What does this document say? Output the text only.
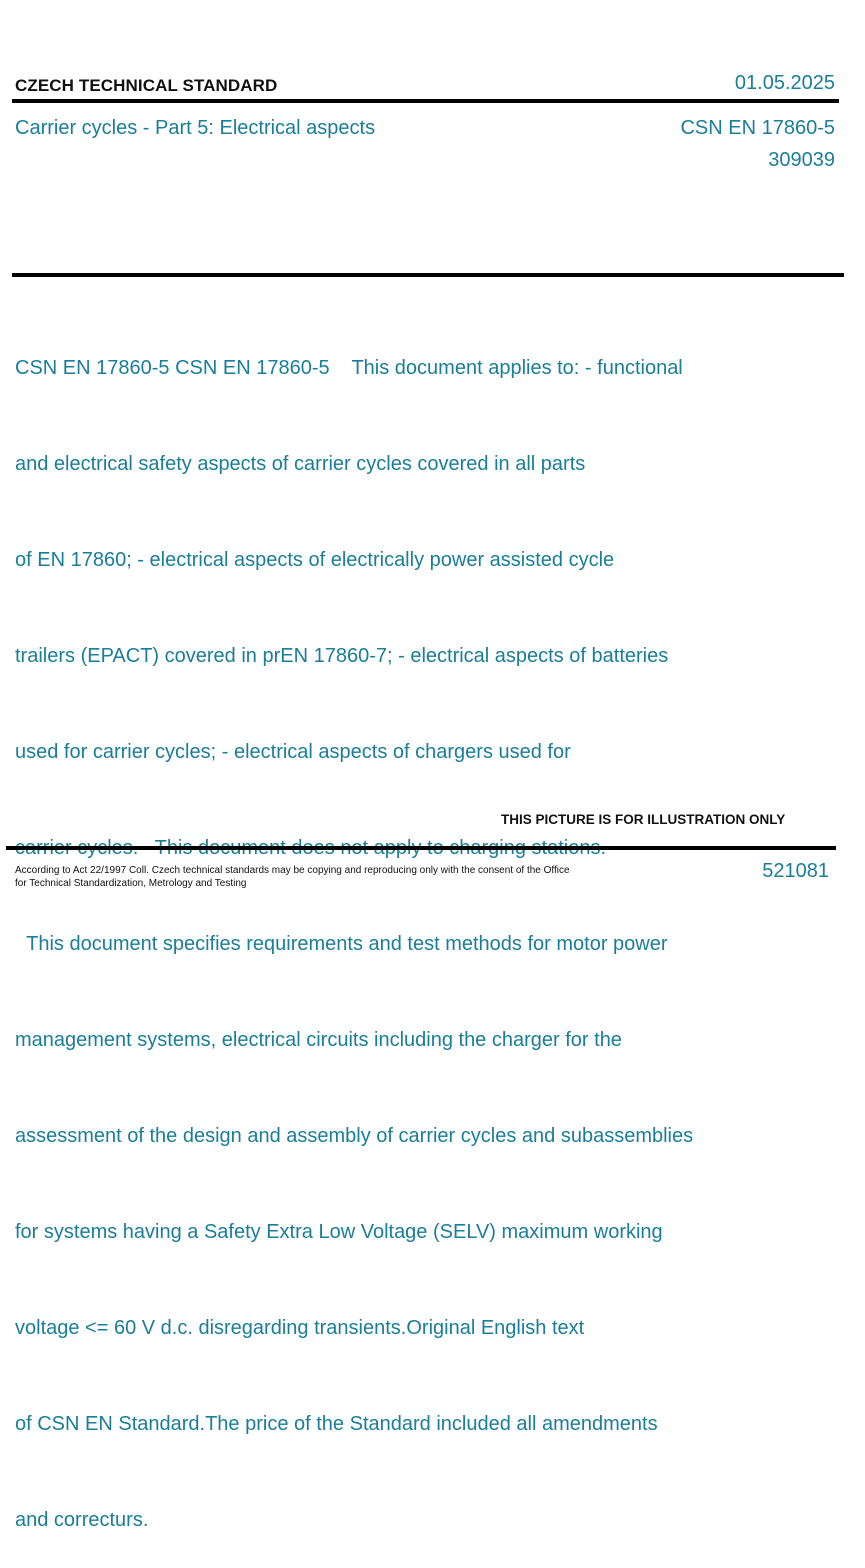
CZECH TECHNICAL STANDARD	01.05.2025
Carrier cycles - Part 5: Electrical aspects	CSN EN 17860-5
309039

CSN EN 17860-5 CSN EN 17860-5    This document applies to: - functional

and electrical safety aspects of carrier cycles covered in all parts

of EN 17860; - electrical aspects of electrically power assisted cycle

trailers (EPACT) covered in prEN 17860-7; - electrical aspects of batteries

used for carrier cycles; - electrical aspects of chargers used for

This document specifies requirements and test methods for motor power

management systems, electrical circuits including the charger for the

assessment of the design and assembly of carrier cycles and subassemblies

for systems having a Safety Extra Low Voltage (SELV) maximum working

voltage <= 60 V d.c. disregarding transients.Original English text

of CSN EN Standard.The price of the Standard included all amendments

and correcturs.

THIS PICTURE IS FOR ILLUSTRATION ONLY
According to Act 22/1997 Coll. Czech technical standards may be copying and reproducing only with the consent of the Office
for Technical Standardization, Metrology and Testing
521081
